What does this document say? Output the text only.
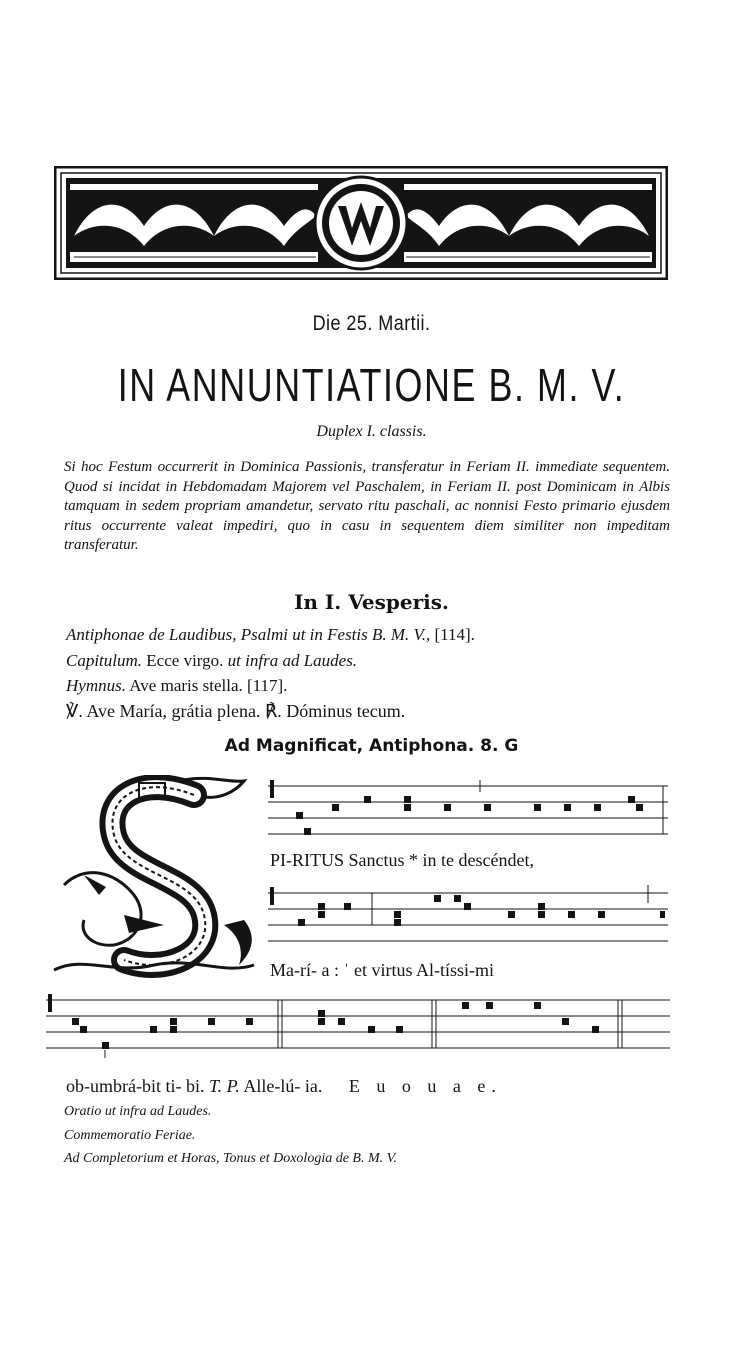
Die 25. Martii.
IN ANNUNTIATIONE B. M. V.
Duplex I. classis.
Si hoc Festum occurrerit in Dominica Passionis, transferatur in Feriam II. immediate sequentem. Quod si incidat in Hebdomadam Majorem vel Paschalem, in Feriam II. post Dominicam in Albis tamquam in sedem propriam amandetur, servato ritu paschali, ac nonnisi Festo primario ejusdem ritus occurrente valeat impediri, quo in casu in sequentem diem similiter non impeditam transferatur.
In I. Vesperis.
Antiphonae de Laudibus, Psalmi ut in Festis B. M. V., [114].
Capitulum. Ecce virgo. ut infra ad Laudes.
Hymnus. Ave maris stella. [117].
℣. Ave María, grátia plena. ℟. Dóminus tecum.
Ad Magnificat, Antiphona. 8. G
PI-RITUS Sanctus * in te descéndet,
Ma-rí- a : ˈ et virtus Al-tíssi-mi
ob-umbrá-bit ti- bi. T. P. Alle-lú- ia. E u o u a e.
Oratio ut infra ad Laudes.
Commemoratio Feriae.
Ad Completorium et Horas, Tonus et Doxologia de B. M. V.
